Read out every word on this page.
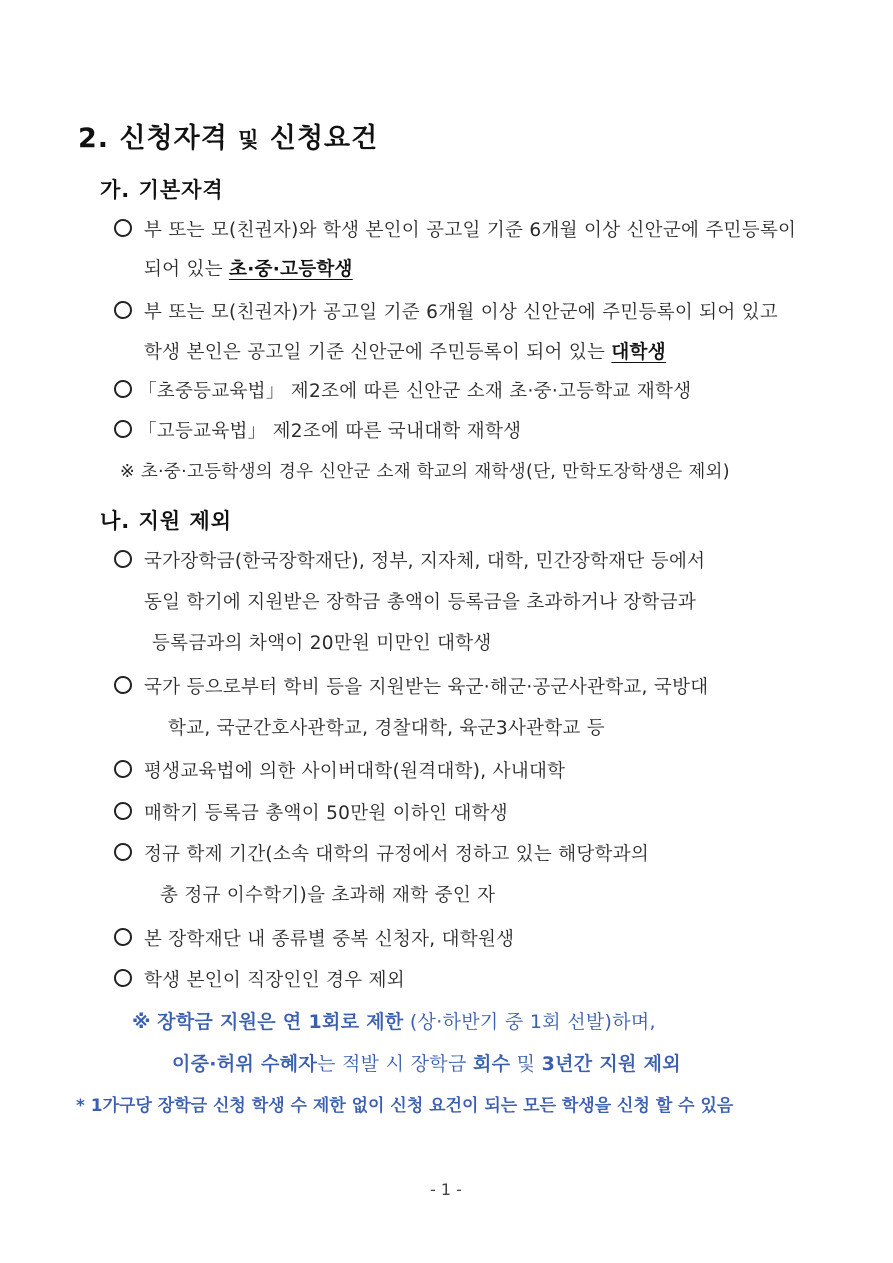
2. 신청자격 및 신청요건
가. 기본자격
부 또는 모(친권자)와 학생 본인이 공고일 기준 6개월 이상 신안군에 주민등록이
되어 있는 초·중·고등학생
부 또는 모(친권자)가 공고일 기준 6개월 이상 신안군에 주민등록이 되어 있고
학생 본인은 공고일 기준 신안군에 주민등록이 되어 있는 대학생
「초중등교육법」 제2조에 따른 신안군 소재 초·중·고등학교 재학생
「고등교육법」 제2조에 따른 국내대학 재학생
※ 초·중·고등학생의 경우 신안군 소재 학교의 재학생(단, 만학도장학생은 제외)
나. 지원 제외
국가장학금(한국장학재단), 정부, 지자체, 대학, 민간장학재단 등에서
동일 학기에 지원받은 장학금 총액이 등록금을 초과하거나 장학금과
등록금과의 차액이 20만원 미만인 대학생
국가 등으로부터 학비 등을 지원받는 육군·해군·공군사관학교, 국방대
학교, 국군간호사관학교, 경찰대학, 육군3사관학교 등
평생교육법에 의한 사이버대학(원격대학), 사내대학
매학기 등록금 총액이 50만원 이하인 대학생
정규 학제 기간(소속 대학의 규정에서 정하고 있는 해당학과의
총 정규 이수학기)을 초과해 재학 중인 자
본 장학재단 내 종류별 중복 신청자, 대학원생
학생 본인이 직장인인 경우 제외
※ 장학금 지원은 연 1회로 제한 (상·하반기 중 1회 선발)하며,
이중·허위 수혜자는 적발 시 장학금 회수 및 3년간 지원 제외
* 1가구당 장학금 신청 학생 수 제한 없이 신청 요건이 되는 모든 학생을 신청 할 수 있음
- 1 -
